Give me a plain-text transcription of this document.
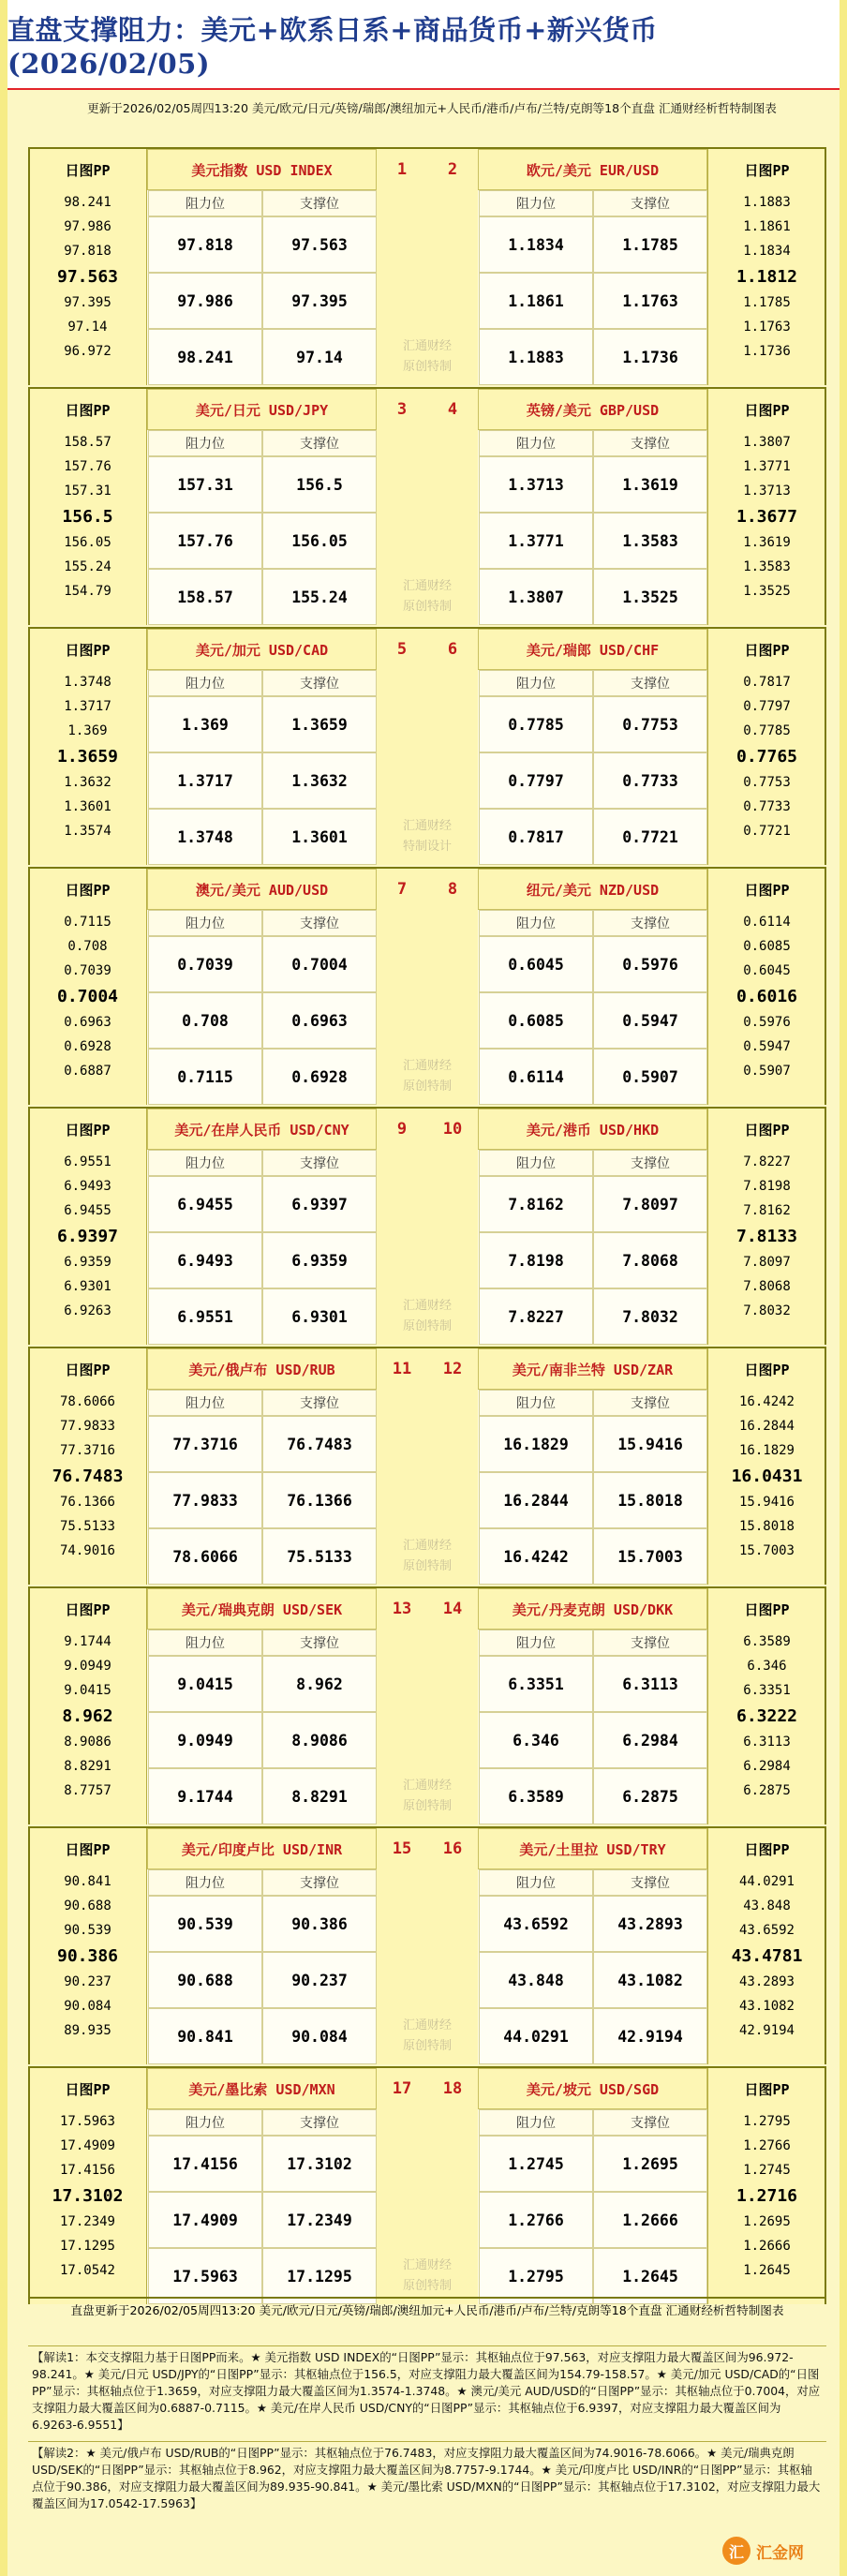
直盘支撑阻力：美元+欧系日系+商品货币+新兴货币(2026/02/05)
更新于2026/02/05周四13:20 美元/欧元/日元/英镑/瑞郎/澳纽加元+人民币/港币/卢布/兰特/克朗等18个直盘 汇通财经析哲特制图表
日图PP	日图PP
美元指数 USD INDEX	欧元/美元 EUR/USD
1	2
阻力位	支撑位	阻力位	支撑位
98.241
97.986
97.818
97.563
97.395
97.14
96.972
97.818	97.563
97.986	97.395
98.241	97.14
1.1883
1.1861
1.1834
1.1812
1.1785
1.1763
1.1736
1.1834	1.1785
1.1861	1.1763
1.1883	1.1736
汇通财经
原创特制
日图PP	日图PP
美元/日元 USD/JPY	英镑/美元 GBP/USD
3	4
阻力位	支撑位	阻力位	支撑位
158.57
157.76
157.31
156.5
156.05
155.24
154.79
157.31	156.5
157.76	156.05
158.57	155.24
1.3807
1.3771
1.3713
1.3677
1.3619
1.3583
1.3525
1.3713	1.3619
1.3771	1.3583
1.3807	1.3525
汇通财经
原创特制
日图PP	日图PP
美元/加元 USD/CAD	美元/瑞郎 USD/CHF
5	6
阻力位	支撑位	阻力位	支撑位
1.3748
1.3717
1.369
1.3659
1.3632
1.3601
1.3574
1.369	1.3659
1.3717	1.3632
1.3748	1.3601
0.7817
0.7797
0.7785
0.7765
0.7753
0.7733
0.7721
0.7785	0.7753
0.7797	0.7733
0.7817	0.7721
汇通财经
特制设计
日图PP	日图PP
澳元/美元 AUD/USD	纽元/美元 NZD/USD
7	8
阻力位	支撑位	阻力位	支撑位
0.7115
0.708
0.7039
0.7004
0.6963
0.6928
0.6887
0.7039	0.7004
0.708	0.6963
0.7115	0.6928
0.6114
0.6085
0.6045
0.6016
0.5976
0.5947
0.5907
0.6045	0.5976
0.6085	0.5947
0.6114	0.5907
汇通财经
原创特制
日图PP	日图PP
美元/在岸人民币 USD/CNY	美元/港币 USD/HKD
9	10
阻力位	支撑位	阻力位	支撑位
6.9551
6.9493
6.9455
6.9397
6.9359
6.9301
6.9263
6.9455	6.9397
6.9493	6.9359
6.9551	6.9301
7.8227
7.8198
7.8162
7.8133
7.8097
7.8068
7.8032
7.8162	7.8097
7.8198	7.8068
7.8227	7.8032
汇通财经
原创特制
日图PP	日图PP
美元/俄卢布 USD/RUB	美元/南非兰特 USD/ZAR
11	12
阻力位	支撑位	阻力位	支撑位
78.6066
77.9833
77.3716
76.7483
76.1366
75.5133
74.9016
77.3716	76.7483
77.9833	76.1366
78.6066	75.5133
16.4242
16.2844
16.1829
16.0431
15.9416
15.8018
15.7003
16.1829	15.9416
16.2844	15.8018
16.4242	15.7003
汇通财经
原创特制
日图PP	日图PP
美元/瑞典克朗 USD/SEK	美元/丹麦克朗 USD/DKK
13	14
阻力位	支撑位	阻力位	支撑位
9.1744
9.0949
9.0415
8.962
8.9086
8.8291
8.7757
9.0415	8.962
9.0949	8.9086
9.1744	8.8291
6.3589
6.346
6.3351
6.3222
6.3113
6.2984
6.2875
6.3351	6.3113
6.346	6.2984
6.3589	6.2875
汇通财经
原创特制
日图PP	日图PP
美元/印度卢比 USD/INR	美元/土里拉 USD/TRY
15	16
阻力位	支撑位	阻力位	支撑位
90.841
90.688
90.539
90.386
90.237
90.084
89.935
90.539	90.386
90.688	90.237
90.841	90.084
44.0291
43.848
43.6592
43.4781
43.2893
43.1082
42.9194
43.6592	43.2893
43.848	43.1082
44.0291	42.9194
汇通财经
原创特制
日图PP	日图PP
美元/墨比索 USD/MXN	美元/坡元 USD/SGD
17	18
阻力位	支撑位	阻力位	支撑位
17.5963
17.4909
17.4156
17.3102
17.2349
17.1295
17.0542
17.4156	17.3102
17.4909	17.2349
17.5963	17.1295
1.2795
1.2766
1.2745
1.2716
1.2695
1.2666
1.2645
1.2745	1.2695
1.2766	1.2666
1.2795	1.2645
汇通财经
原创特制
直盘更新于2026/02/05周四13:20 美元/欧元/日元/英镑/瑞郎/澳纽加元+人民币/港币/卢布/兰特/克朗等18个直盘 汇通财经析哲特制图表
【解读1：本交支撑阻力基于日图PP而来。★ 美元指数 USD INDEX的“日图PP”显示：其枢轴点位于97.563，对应支撑阻力最大覆盖区间为96.972-98.241。★ 美元/日元 USD/JPY的“日图PP”显示：其枢轴点位于156.5，对应支撑阻力最大覆盖区间为154.79-158.57。★ 美元/加元 USD/CAD的“日图PP”显示：其枢轴点位于1.3659，对应支撑阻力最大覆盖区间为1.3574-1.3748。★ 澳元/美元 AUD/USD的“日图PP”显示：其枢轴点位于0.7004，对应支撑阻力最大覆盖区间为0.6887-0.7115。★ 美元/在岸人民币 USD/CNY的“日图PP”显示：其枢轴点位于6.9397，对应支撑阻力最大覆盖区间为6.9263-6.9551】
【解读2：★ 美元/俄卢布 USD/RUB的“日图PP”显示：其枢轴点位于76.7483，对应支撑阻力最大覆盖区间为74.9016-78.6066。★ 美元/瑞典克朗 USD/SEK的“日图PP”显示：其枢轴点位于8.962，对应支撑阻力最大覆盖区间为8.7757-9.1744。★ 美元/印度卢比 USD/INR的“日图PP”显示：其枢轴点位于90.386，对应支撑阻力最大覆盖区间为89.935-90.841。★ 美元/墨比索 USD/MXN的“日图PP”显示：其枢轴点位于17.3102，对应支撑阻力最大覆盖区间为17.0542-17.5963】
汇 汇金网
